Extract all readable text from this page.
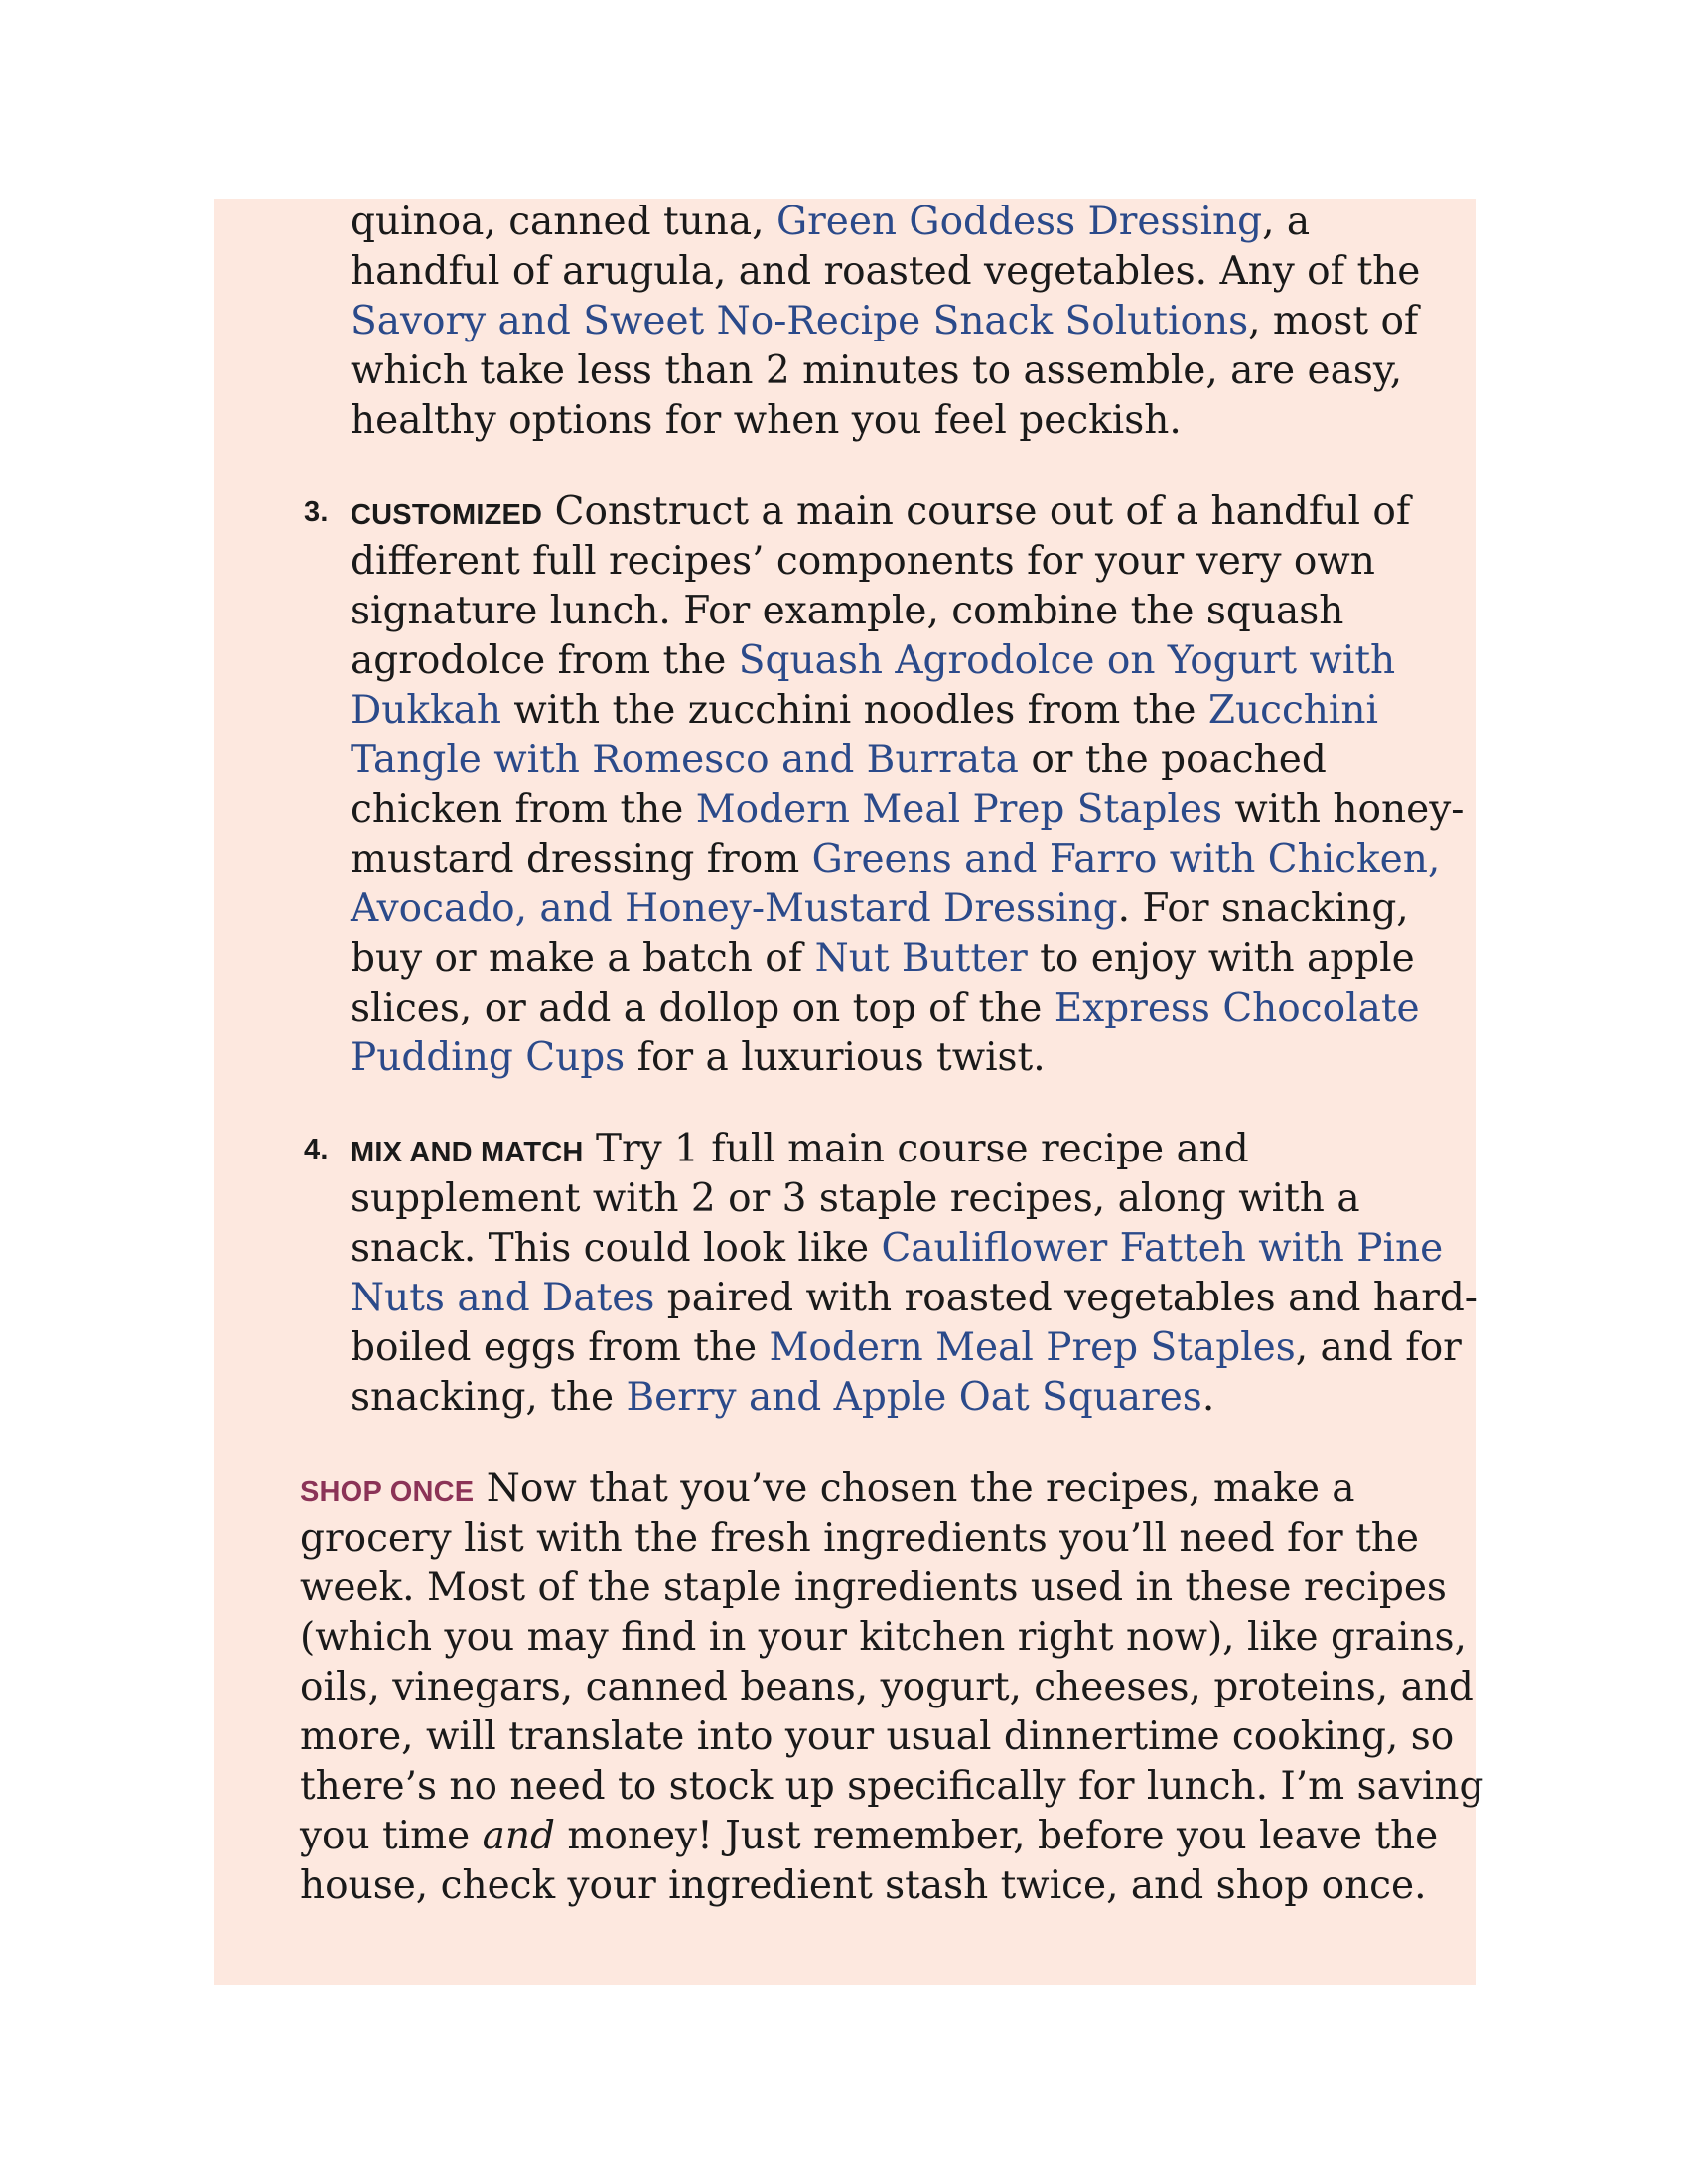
quinoa, canned tuna, Green Goddess Dressing, a
handful of arugula, and roasted vegetables. Any of the
Savory and Sweet No-Recipe Snack Solutions, most of
which take less than 2 minutes to assemble, are easy,
healthy options for when you feel peckish.
3. CUSTOMIZED Construct a main course out of a handful of
different full recipes’ components for your very own
signature lunch. For example, combine the squash
agrodolce from the Squash Agrodolce on Yogurt with
Dukkah with the zucchini noodles from the Zucchini
Tangle with Romesco and Burrata or the poached
chicken from the Modern Meal Prep Staples with honey-
mustard dressing from Greens and Farro with Chicken,
Avocado, and Honey-Mustard Dressing. For snacking,
buy or make a batch of Nut Butter to enjoy with apple
slices, or add a dollop on top of the Express Chocolate
Pudding Cups for a luxurious twist.
4. MIX AND MATCH Try 1 full main course recipe and
supplement with 2 or 3 staple recipes, along with a
snack. This could look like Cauliflower Fatteh with Pine
Nuts and Dates paired with roasted vegetables and hard-
boiled eggs from the Modern Meal Prep Staples, and for
snacking, the Berry and Apple Oat Squares.
SHOP ONCE Now that you’ve chosen the recipes, make a
grocery list with the fresh ingredients you’ll need for the
week. Most of the staple ingredients used in these recipes
(which you may find in your kitchen right now), like grains,
oils, vinegars, canned beans, yogurt, cheeses, proteins, and
more, will translate into your usual dinnertime cooking, so
there’s no need to stock up specifically for lunch. I’m saving
you time and money! Just remember, before you leave the
house, check your ingredient stash twice, and shop once.
